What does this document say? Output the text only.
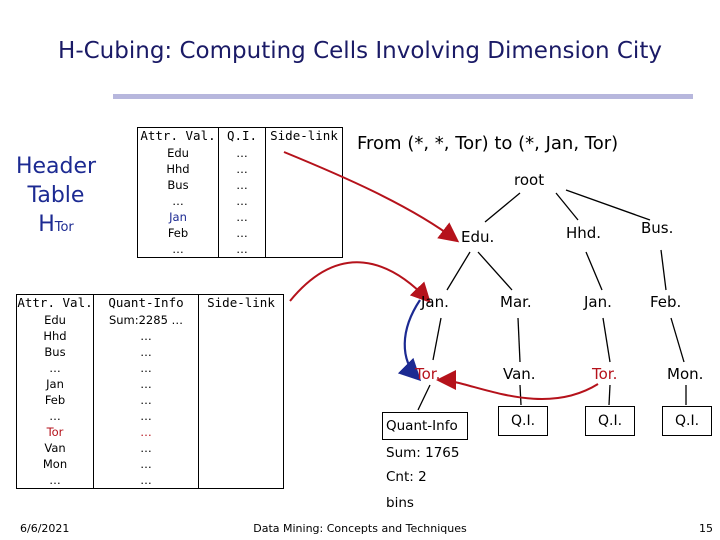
H-Cubing: Computing Cells Involving Dimension City
Header
Table
HTor
Attr. Val.	Q.I.	Side-link
Edu	…	
Hhd	…	
Bus	…	
…	…	
Jan	…	
Feb	…	
…	…	
Attr. Val.	Quant-Info	Side-link
Edu	Sum:2285 …	
Hhd	…	
Bus	…	
…	…	
Jan	…	
Feb	…	
…	…	
Tor	…	
Van	…	
Mon	…	
…	…	
From (*, *, Tor) to (*, Jan, Tor)
root
Edu.	Hhd.	Bus.
Jan.	Mar.	Jan.	Feb.
Tor.	Van.	Tor.	Mon.
Q.I.	Q.I.	Q.I.
Quant-Info
Sum: 1765
Cnt: 2
bins
6/6/2021	Data Mining: Concepts and Techniques	15
